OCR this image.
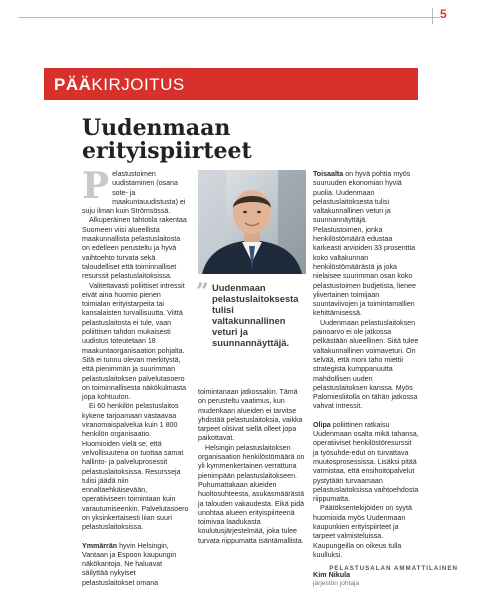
5
PÄÄKIRJOITUS
Uudenmaan erityispiirteet

Pelastustoimen uudistaminen (osana sote- ja maakuntauudistusta) ei suju ilman kuin Strömsössä.

Alkuperäinen tahtotila rakentaa Suomeen viisi alueellista maakunnallista pelastuslaitosta on edelleen perusteltu ja hyvä vaihtoehto turvata sekä taloudelliset että toiminnalliset resurssit pelastuslaitoksissa.

Valitettavasti poliittiset intressit eivät aina huomio pienen toimialan erityistarpeita tai kansalaisten turvallisuutta. Viittä pelastuslaitosta ei tule, vaan poliittisen tahdon mukaisesti uudistus toteutetaan 18 maakuntaorganisaation pohjalta. Sitä ei tunnu olevan merkitystä, että pienimmän ja suurimman pelastuslaitoksen palvelutasoero on toiminnallisesta näkökulmasta jopa kohtuuton.

Ei 60 henkilön pelastuslaitos kykene tarjoamaan vastaavaa viranomaispalvelua kuin 1 800 henkilön organisaatio. Huomioiden vielä se, että velvollisuutena on tuottaa samat hallinto- ja palveluprosessit pelastuslaitoksissa. Resursseja tulisi jäädä niin ennaltaehkäisevään, operatiiviseen toimintaan kuin varautumiseenkin. Palvelutasoero on yksinkertaisesti liian suuri pelastuslaitoksissa.

Ymmärrän hyvin Helsingin, Vantaan ja Espoon kaupungin näkökantoja. Ne haluavat säilyttää nykyiset pelastuslaitokset omana

” Uudenmaan pelastuslaitoksesta tulisi valtakunnallinen veturi ja suunnannäyttäjä.

toimintanaan jatkossakin. Tämä on perusteltu vaatimus, kun mudenkaan alueiden ei tarvitse yhdistää pelastuslaitoksia, vaikka tarpeet olisivat siellä olleet jopa paikottavat.

Helsingin pelastuslaitoksen organisaation henkilöstömäärä on yli kymmenkertainen verrattuna pienimpään pelastuslaitokseen. Puhumattakaan alueiden huoltosuhteesta, asukasmäärästä ja talouden vakaudesta. Eikä pidä unohtaa alueen erityispiirteenä toimivaa laadukasta koulutusjärjestelmää, joka tulee turvata riippumatta isäntämallista.

Toisaalta on hyvä pohtia myös suuruuden ekonomian hyviä puolia. Uudenmaan pelastuslaitoksesta tulisi valtakunnallinen veturi ja suunnannäyttäjä. Pelastustoimen, jonka henkilöstömäärä edustaa karkeasti arvioiden 33 prosenttia koko valtakunnan henkilöstömäärästä ja joka nielaisee suurimman osan koko pelastustoimen budjetista, lienee ylivertainen toimijaan suuntaviivojen ja toimintamallien kehittämisessä.

Uudenmaan pelastuslaitoksen painoarvo ei ole jatkossa pelkästään alueellinen. Siitä tulee valtakunnallinen voimaveturi. On selvää, että moni taho miettii strategista kumppanuutta mahdollisen uuden pelastuslaitoksen kanssa. Myös Palomiesliitolla on tähän jatkossa vahvat intressit.

Olipa poliittinen ratkaisu Uudenmaan osalta mikä tahansa, operatiiviset henkilöstöresurssit ja työsuhde-edut on turvattava muutosprosessissa. Lisäksi pitää varmistaa, että ensihoitopalvelut pystytään turvaamaan pelastuslaitoksissa vaihtoehdosta riippumatta.

Päätöksentekijöiden on syytä huomioida myös Uudenmaan kaupunkien erityispiirteet ja tarpeet valmisteluissa. Kaupungeilla on oikeus tulla kuulluksi.

Kim Nikula
järjestön johtaja
PELASTUSALAN AMMATTILAINEN
